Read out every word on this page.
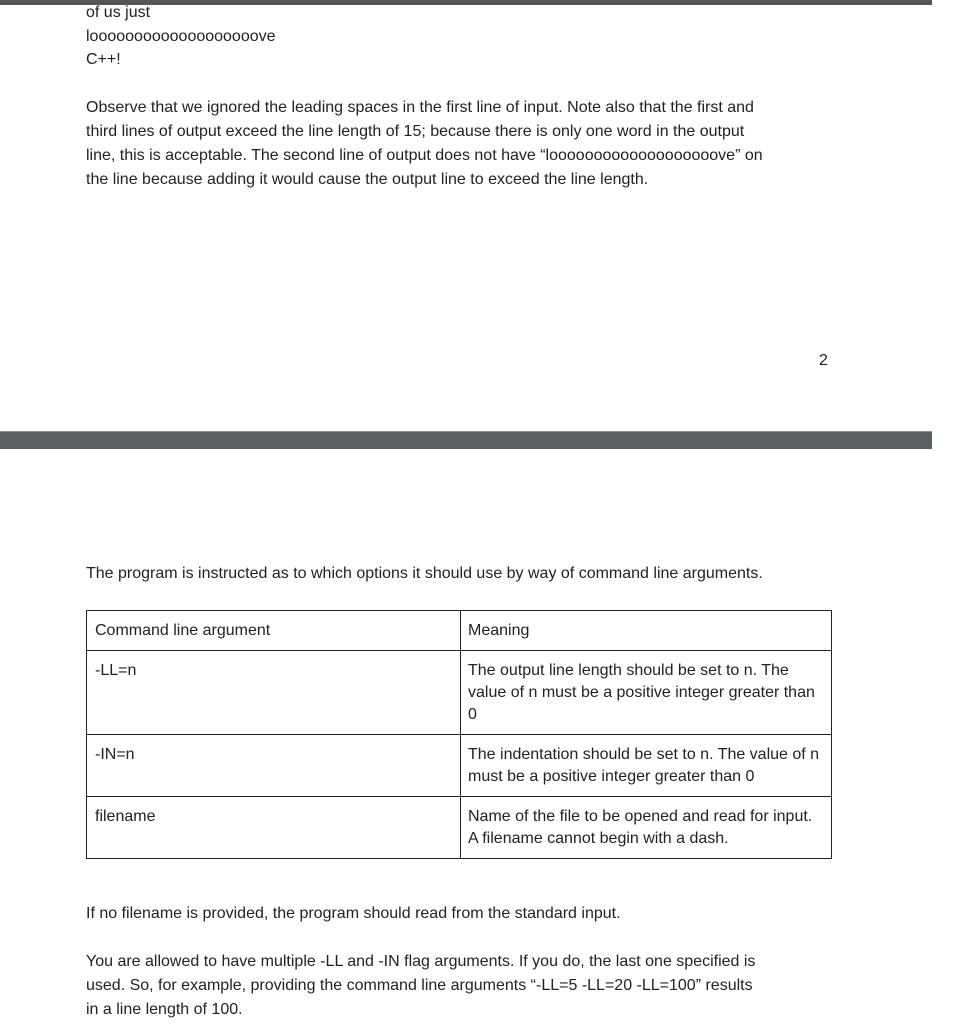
of us just
looooooooooooooooooove
C++!
Observe that we ignored the leading spaces in the first line of input. Note also that the first and
third lines of output exceed the line length of 15; because there is only one word in the output
line, this is acceptable. The second line of output does not have “looooooooooooooooooove” on
the line because adding it would cause the output line to exceed the line length.
2
The program is instructed as to which options it should use by way of command line arguments.
Command line argument	Meaning
-LL=n	The output line length should be set to n. The value of n must be a positive integer greater than 0
-IN=n	The indentation should be set to n. The value of n must be a positive integer greater than 0
filename	Name of the file to be opened and read for input. A filename cannot begin with a dash.
If no filename is provided, the program should read from the standard input.
You are allowed to have multiple -LL and -IN flag arguments. If you do, the last one specified is
used. So, for example, providing the command line arguments “-LL=5 -LL=20 -LL=100” results
in a line length of 100.
